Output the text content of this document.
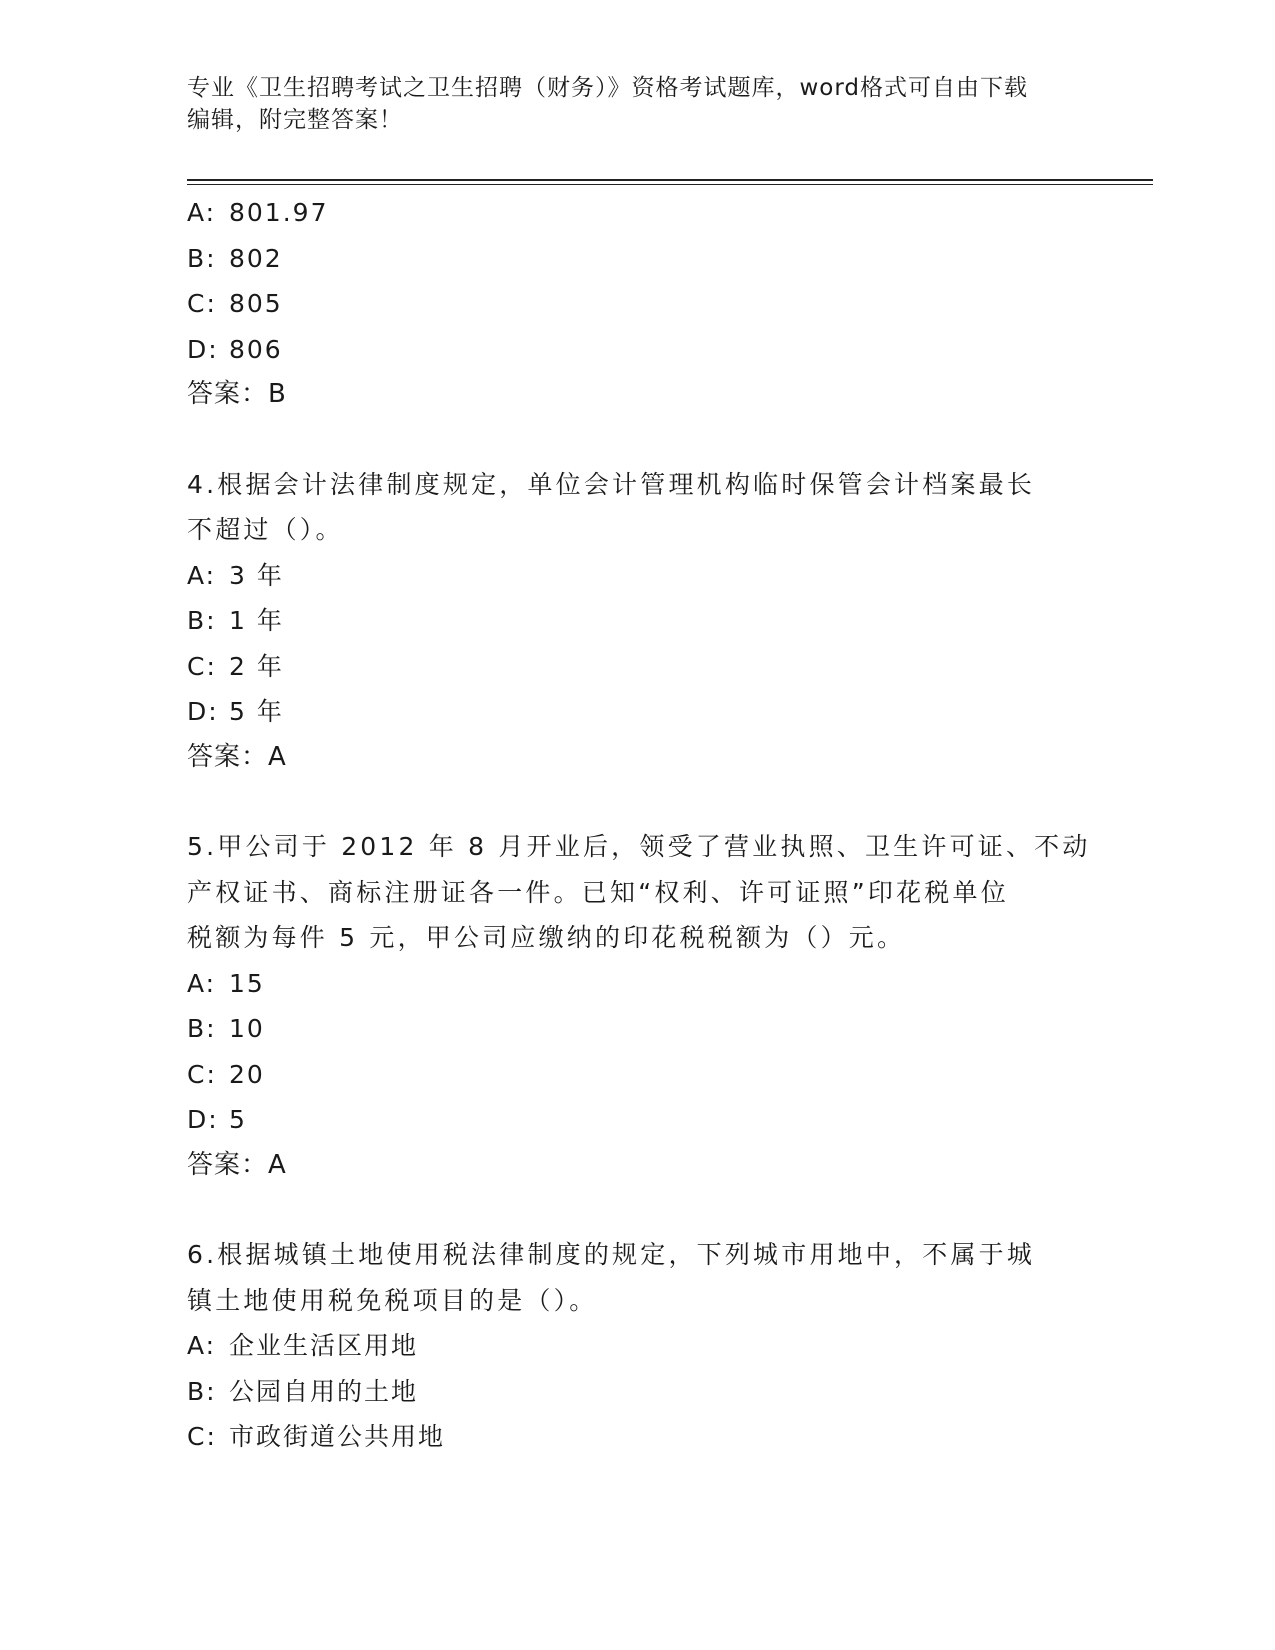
专业《卫生招聘考试之卫生招聘（财务）》资格考试题库，word格式可自由下载
编辑，附完整答案！
A: 801.97
B: 802
C: 805
D: 806
答案：B
4.根据会计法律制度规定，单位会计管理机构临时保管会计档案最长
不超过（）。
A: 3 年
B: 1 年
C: 2 年
D: 5 年
答案：A
5.甲公司于 2012 年 8 月开业后，领受了营业执照、卫生许可证、不动
产权证书、商标注册证各一件。已知“权利、许可证照”印花税单位
税额为每件 5 元，甲公司应缴纳的印花税税额为（）元。
A: 15
B: 10
C: 20
D: 5
答案：A
6.根据城镇土地使用税法律制度的规定，下列城市用地中，不属于城
镇土地使用税免税项目的是（）。
A: 企业生活区用地
B: 公园自用的土地
C: 市政街道公共用地
